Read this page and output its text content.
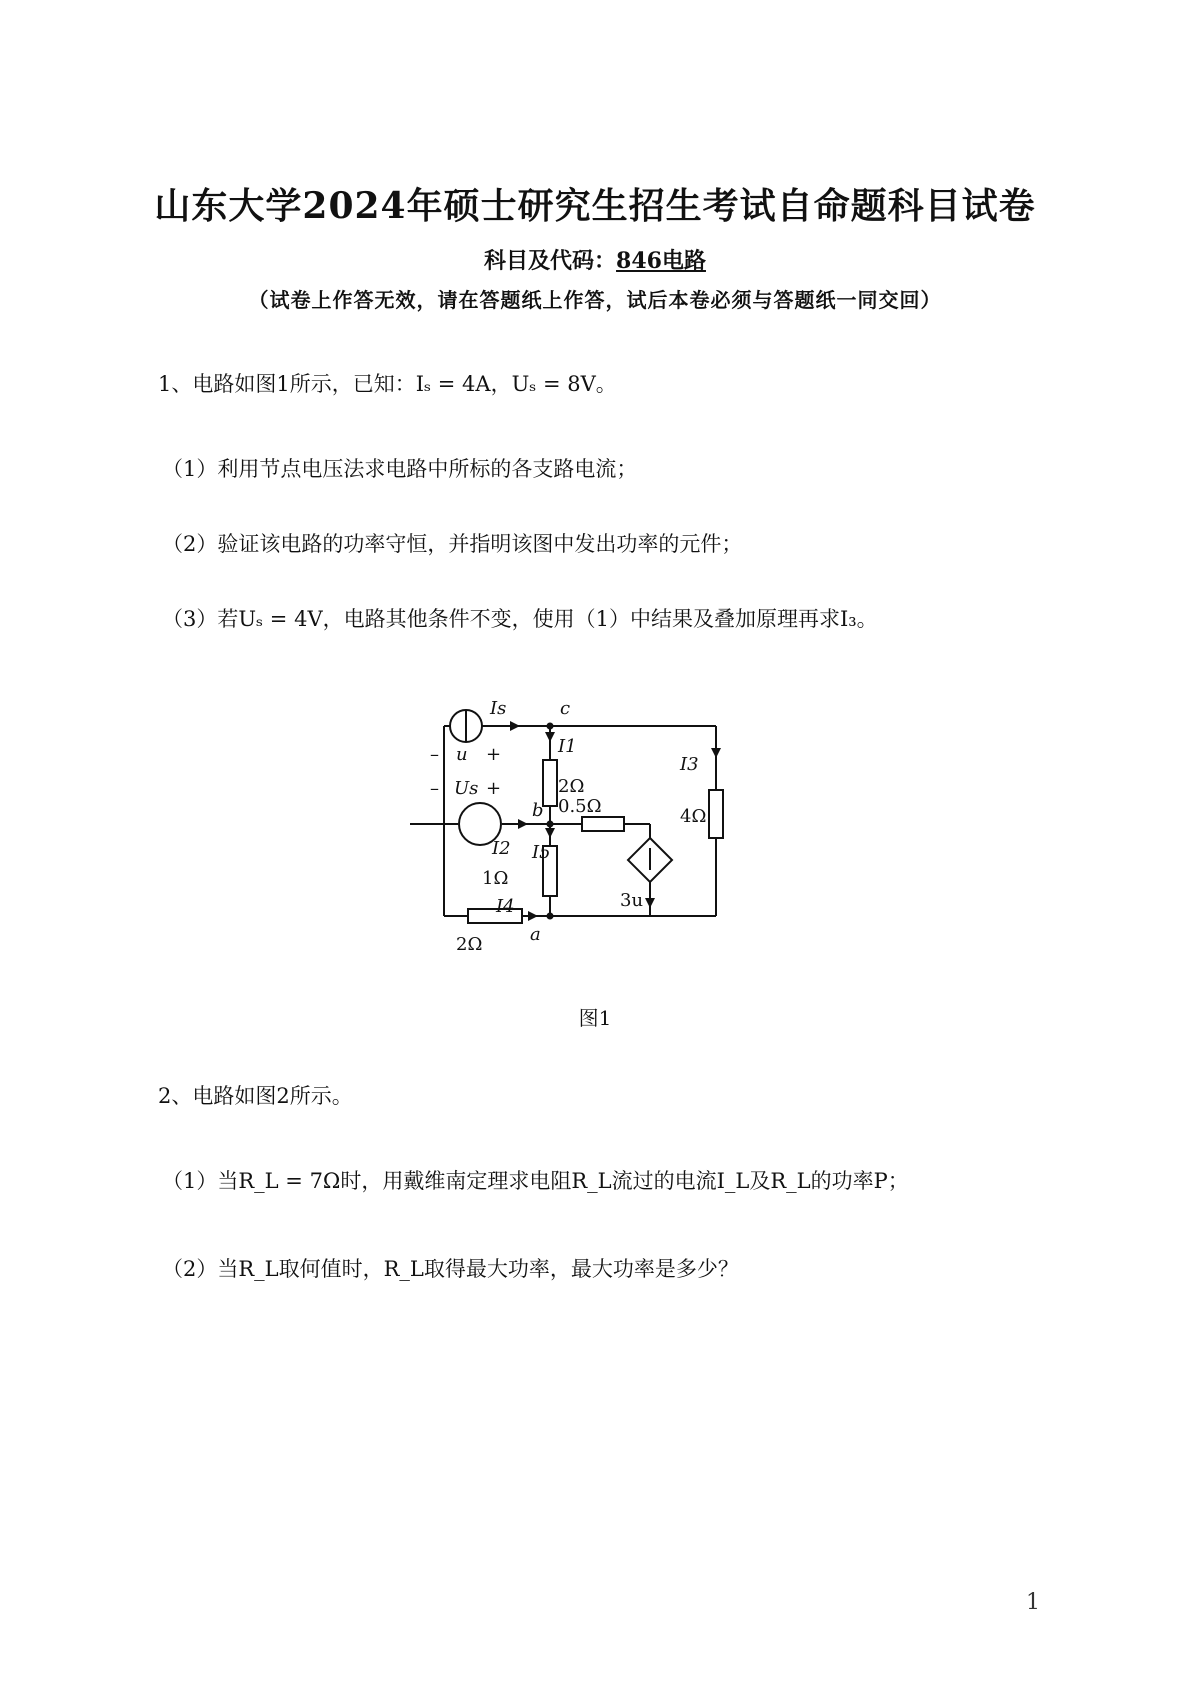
山东大学2024年硕士研究生招生考试自命题科目试卷
科目及代码：846电路
（试卷上作答无效，请在答题纸上作答，试后本卷必须与答题纸一同交回）
1、电路如图1所示，已知：Iₛ = 4A，Uₛ = 8V。
（1）利用节点电压法求电路中所标的各支路电流；
（2）验证该电路的功率守恒，并指明该图中发出功率的元件；
（3）若Uₛ = 4V，电路其他条件不变，使用（1）中结果及叠加原理再求I₃。
Is	c
I1
2Ω
– u +
– Us +
b 0.5Ω
I3
4Ω
I2 I5
1Ω
I4
a
3u
2Ω
图1
2、电路如图2所示。
（1）当R_L = 7Ω时，用戴维南定理求电阻R_L流过的电流I_L及R_L的功率P；
（2）当R_L取何值时，R_L取得最大功率，最大功率是多少？
1
